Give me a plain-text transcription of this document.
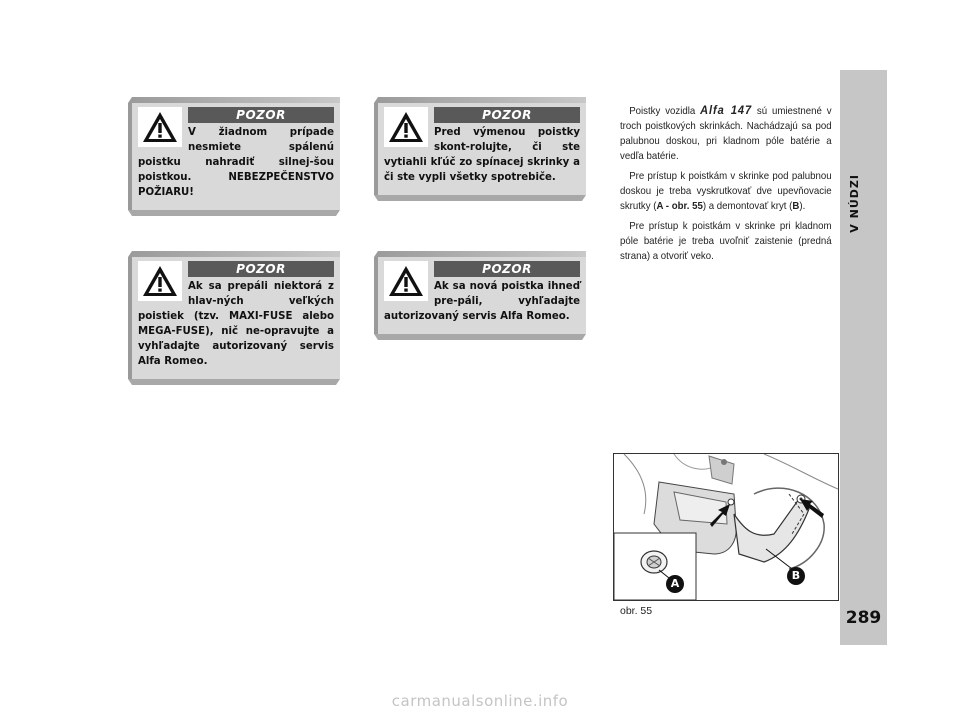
POZOR
V žiadnom prípade nesmiete spálenú poistku nahradiť silnej-šou poistkou. NEBEZPEČENSTVO POŽIARU!
POZOR
Pred výmenou poistky skont-rolujte, či ste vytiahli kľúč zo spínacej skrinky a či ste vypli všetky spotrebiče.
POZOR
Ak sa prepáli niektorá z hlav-ných veľkých poistiek (tzv. MAXI-FUSE alebo MEGA-FUSE), nič ne-opravujte a vyhľadajte autorizovaný servis Alfa Romeo.
POZOR
Ak sa nová poistka ihneď pre-páli, vyhľadajte autorizovaný servis Alfa Romeo.

Poistky vozidla Alfa 147 sú umiestnené v troch poistkových skrinkách. Nachádzajú sa pod palubnou doskou, pri kladnom póle batérie a vedľa batérie.

Pre prístup k poistkám v skrinke pod palubnou doskou je treba vyskrutkovať dve upevňovacie skrutky (A - obr. 55) a demontovať kryt (B).

Pre prístup k poistkám v skrinke pri kladnom póle batérie je treba uvoľniť zaistenie (predná strana) a otvoriť veko.

A
B
obr. 55
V NÚDZI
289
carmanualsonline.info
